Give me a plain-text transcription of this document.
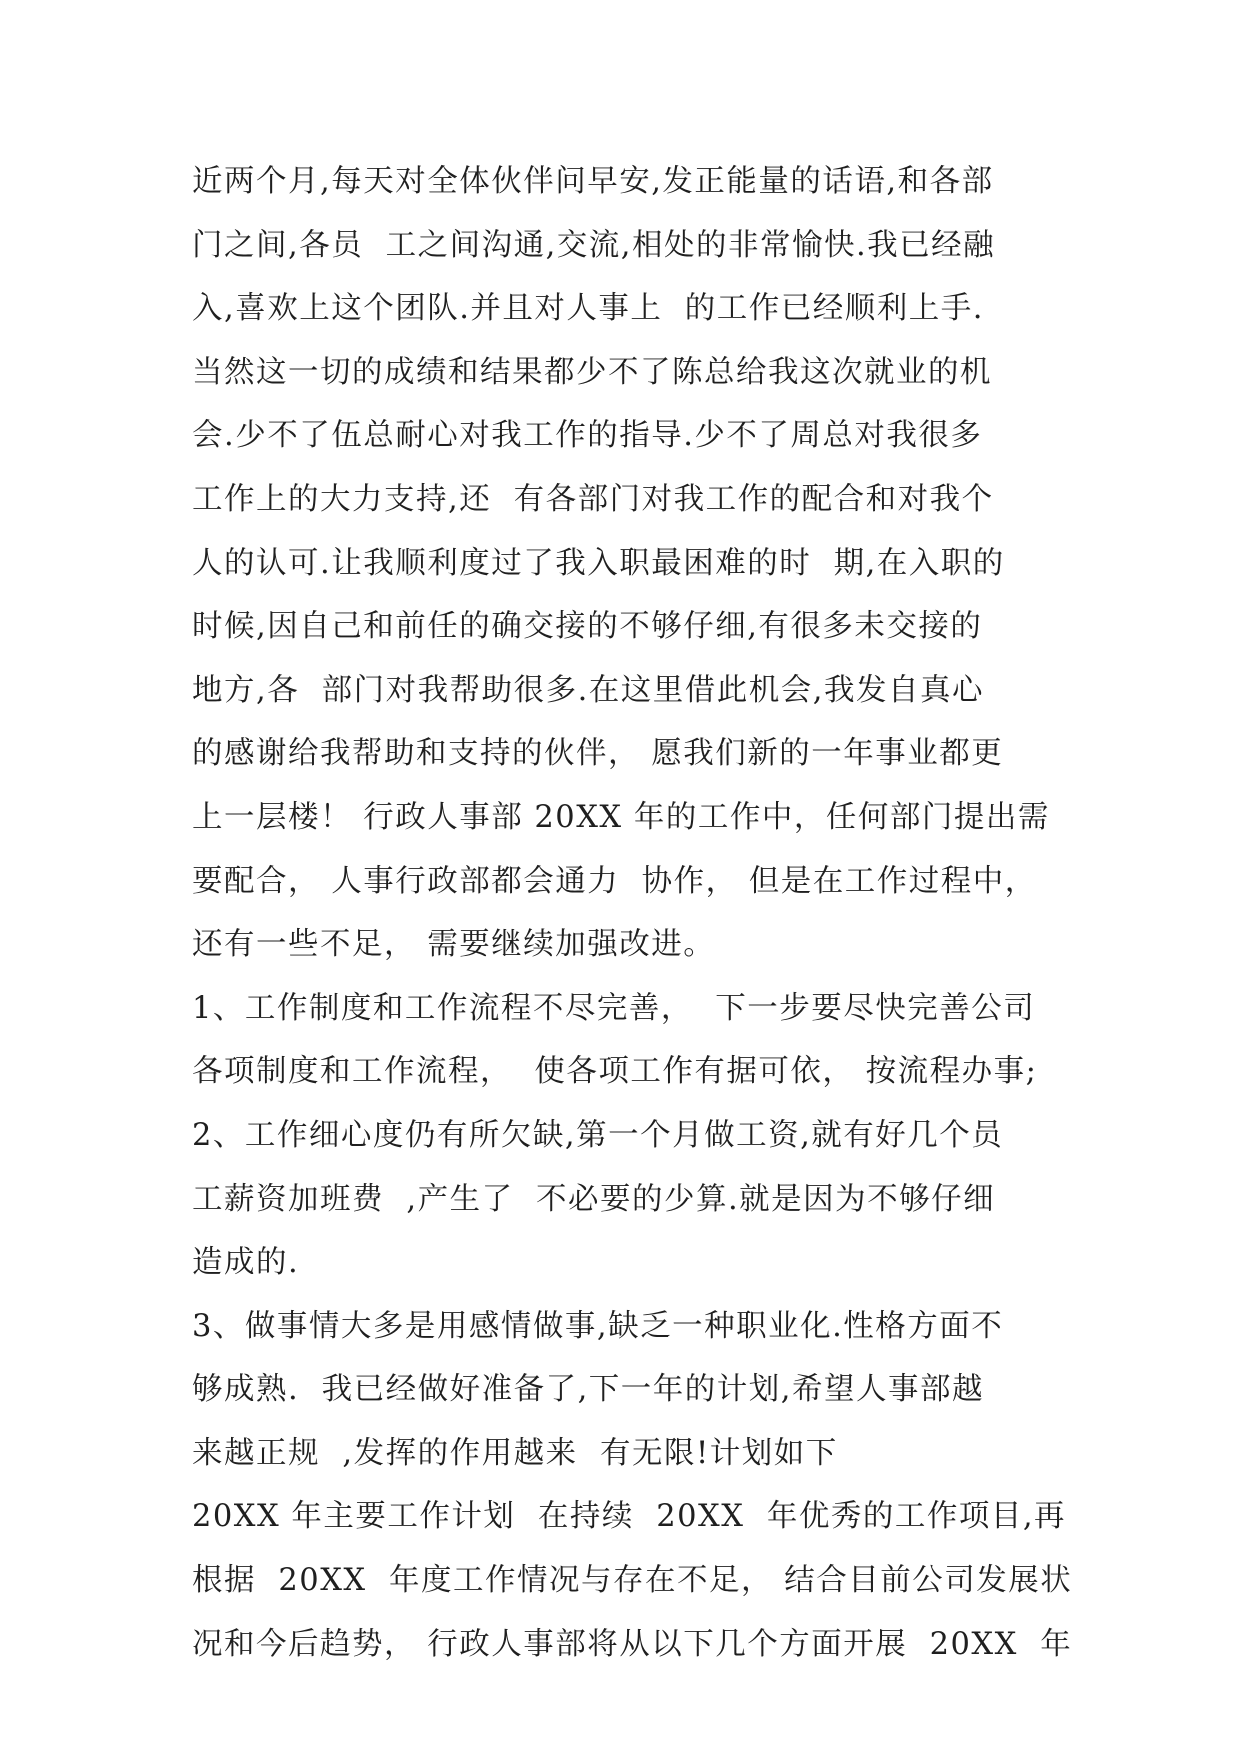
近两个月,每天对全体伙伴问早安,发正能量的话语,和各部
门之间,各员  工之间沟通,交流,相处的非常愉快.我已经融
入,喜欢上这个团队.并且对人事上  的工作已经顺利上手.
当然这一切的成绩和结果都少不了陈总给我这次就业的机
会.少不了伍总耐心对我工作的指导.少不了周总对我很多
工作上的大力支持,还  有各部门对我工作的配合和对我个
人的认可.让我顺利度过了我入职最困难的时  期,在入职的
时候,因自己和前任的确交接的不够仔细,有很多未交接的
地方,各  部门对我帮助很多.在这里借此机会,我发自真心
的感谢给我帮助和支持的伙伴， 愿我们新的一年事业都更
上一层楼！ 行政人事部 20XX 年的工作中，任何部门提出需
要配合， 人事行政部都会通力  协作， 但是在工作过程中，
还有一些不足， 需要继续加强改进。
1、工作制度和工作流程不尽完善，  下一步要尽快完善公司
各项制度和工作流程，  使各项工作有据可依， 按流程办事;
2、工作细心度仍有所欠缺,第一个月做工资,就有好几个员
工薪资加班费  ,产生了  不必要的少算.就是因为不够仔细
造成的.
3、做事情大多是用感情做事,缺乏一种职业化.性格方面不
够成熟.  我已经做好准备了,下一年的计划,希望人事部越
来越正规  ,发挥的作用越来  有无限!计划如下
20XX 年主要工作计划  在持续  20XX  年优秀的工作项目,再
根据  20XX  年度工作情况与存在不足， 结合目前公司发展状
况和今后趋势， 行政人事部将从以下几个方面开展  20XX  年
